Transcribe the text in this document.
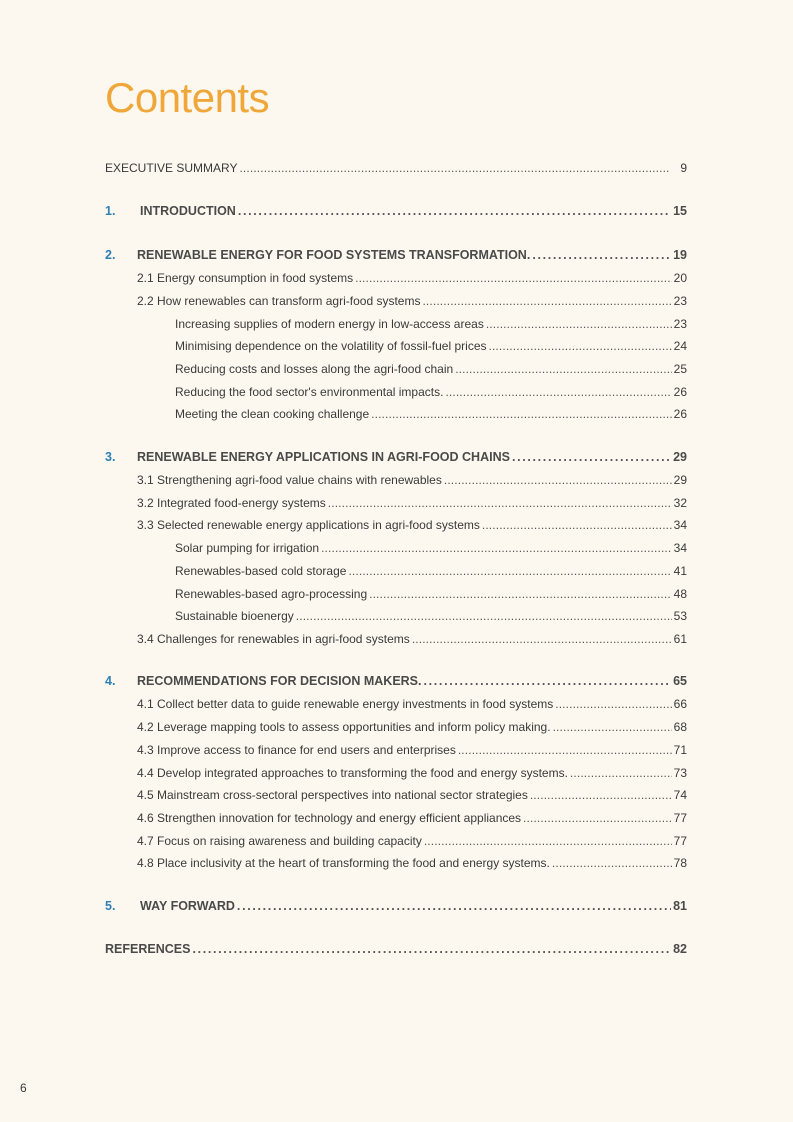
Contents
EXECUTIVE SUMMARY . . .	9
1.	INTRODUCTION . . .	15
2.	RENEWABLE ENERGY FOR FOOD SYSTEMS TRANSFORMATION. . . .	19
2.1 Energy consumption in food systems . . .	20
2.2 How renewables can transform agri-food systems . . .	23
Increasing supplies of modern energy in low-access areas . . .	23
Minimising dependence on the volatility of fossil-fuel prices . . .	24
Reducing costs and losses along the agri-food chain . . .	25
Reducing the food sector's environmental impacts. . . .	26
Meeting the clean cooking challenge . . .	26
3.	RENEWABLE ENERGY APPLICATIONS IN AGRI-FOOD CHAINS . . .	29
3.1 Strengthening agri-food value chains with renewables . . .	29
3.2 Integrated food-energy systems . . .	32
3.3 Selected renewable energy applications in agri-food systems . . .	34
Solar pumping for irrigation . . .	34
Renewables-based cold storage . . .	41
Renewables-based agro-processing . . .	48
Sustainable bioenergy . . .	53
3.4 Challenges for renewables in agri-food systems . . .	61
4.	RECOMMENDATIONS FOR DECISION MAKERS. . . .	65
4.1 Collect better data to guide renewable energy investments in food systems . . .	66
4.2 Leverage mapping tools to assess opportunities and inform policy making. . . .	68
4.3 Improve access to finance for end users and enterprises . . .	71
4.4 Develop integrated approaches to transforming the food and energy systems. . . .	73
4.5 Mainstream cross-sectoral perspectives into national sector strategies . . .	74
4.6 Strengthen innovation for technology and energy efficient appliances . . .	77
4.7 Focus on raising awareness and building capacity . . .	77
4.8 Place inclusivity at the heart of transforming the food and energy systems. . . .	78
5.	WAY FORWARD . . .	81
REFERENCES . . .	82
6
